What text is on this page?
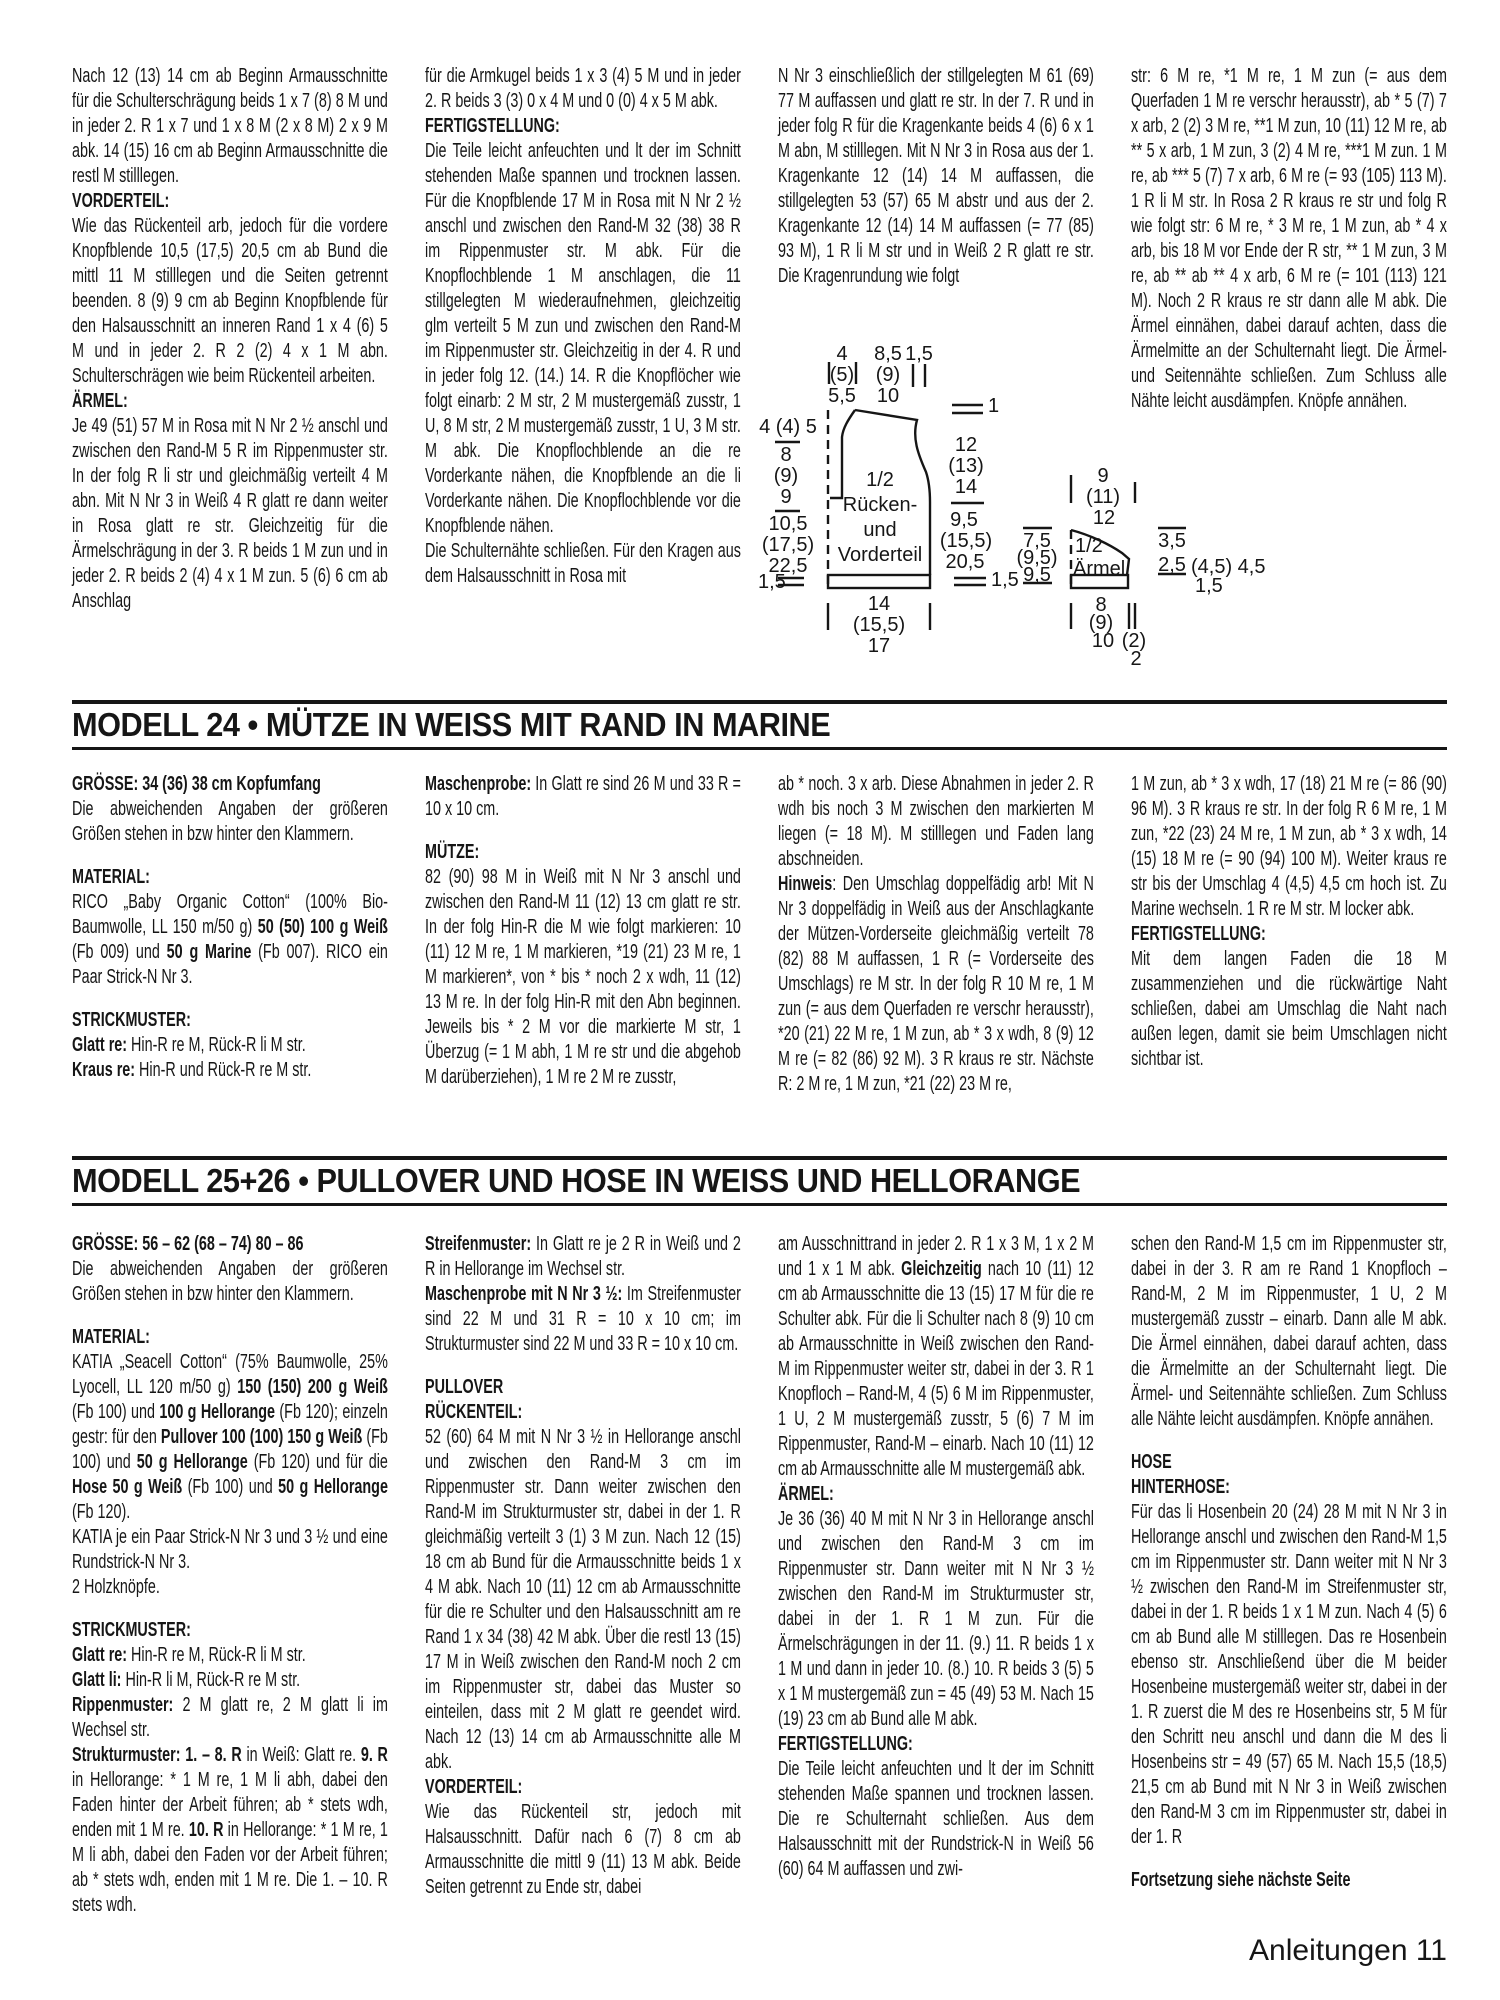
Nach 12 (13) 14 cm ab Beginn Armausschnitte für die Schulterschrägung beids 1 x 7 (8) 8 M und in jeder 2. R 1 x 7 und 1 x 8 M (2 x 8 M) 2 x 9 M abk. 14 (15) 16 cm ab Beginn Armausschnitte die restl M stilllegen.
VORDERTEIL:
Wie das Rückenteil arb, jedoch für die vordere Knopfblende 10,5 (17,5) 20,5 cm ab Bund die mittl 11 M stilllegen und die Seiten getrennt beenden. 8 (9) 9 cm ab Beginn Knopfblende für den Halsausschnitt an inneren Rand 1 x 4 (6) 5 M und in jeder 2. R 2 (2) 4 x 1 M abn. Schulterschrägen wie beim Rückenteil arbeiten.
ÄRMEL:
Je 49 (51) 57 M in Rosa mit N Nr 2 ½ anschl und zwischen den Rand-M 5 R im Rippenmuster str. In der folg R li str und gleichmäßig verteilt 4 M abn. Mit N Nr 3 in Weiß 4 R glatt re dann weiter in Rosa glatt re str. Gleichzeitig für die Ärmelschrägung in der 3. R beids 1 M zun und in jeder 2. R beids 2 (4) 4 x 1 M zun. 5 (6) 6 cm ab Anschlag
für die Armkugel beids 1 x 3 (4) 5 M und in jeder 2. R beids 3 (3) 0 x 4 M und 0 (0) 4 x 5 M abk.
FERTIGSTELLUNG:
Die Teile leicht anfeuchten und lt der im Schnitt stehenden Maße spannen und trocknen lassen. Für die Knopfblende 17 M in Rosa mit N Nr 2 ½ anschl und zwischen den Rand-M 32 (38) 38 R im Rippenmuster str. M abk. Für die Knopflochblende 1 M anschlagen, die 11 stillgelegten M wiederaufnehmen, gleichzeitig glm verteilt 5 M zun und zwischen den Rand-M im Rippenmuster str. Gleichzeitig in der 4. R und in jeder folg 12. (14.) 14. R die Knopflöcher wie folgt einarb: 2 M str, 2 M mustergemäß zusstr, 1 U, 8 M str, 2 M mustergemäß zusstr, 1 U, 3 M str. M abk. Die Knopflochblende an die re Vorderkante nähen, die Knopfblende an die li Vorderkante nähen. Die Knopflochblende vor die Knopfblende nähen.
Die Schulternähte schließen. Für den Kragen aus dem Halsausschnitt in Rosa mit
N Nr 3 einschließlich der stillgelegten M 61 (69) 77 M auffassen und glatt re str. In der 7. R und in jeder folg R für die Kragenkante beids 4 (6) 6 x 1 M abn, M stilllegen. Mit N Nr 3 in Rosa aus der 1. Kragenkante 12 (14) 14 M auffassen, die stillgelegten 53 (57) 65 M abstr und aus der 2. Kragenkante 12 (14) 14 M auffassen (= 77 (85) 93 M), 1 R li M str und in Weiß 2 R glatt re str. Die Kragenrundung wie folgt
str: 6 M re, *1 M re, 1 M zun (= aus dem Querfaden 1 M re verschr herausstr), ab * 5 (7) 7 x arb, 2 (2) 3 M re, **1 M zun, 10 (11) 12 M re, ab ** 5 x arb, 1 M zun, 3 (2) 4 M re, ***1 M zun. 1 M re, ab *** 5 (7) 7 x arb, 6 M re (= 93 (105) 113 M). 1 R li M str. In Rosa 2 R kraus re str und folg R wie folgt str: 6 M re, * 3 M re, 1 M zun, ab * 4 x arb, bis 18 M vor Ende der R str, ** 1 M zun, 3 M re, ab ** ab ** 4 x arb, 6 M re (= 101 (113) 121 M). Noch 2 R kraus re str dann alle M abk. Die Ärmel einnähen, dabei darauf achten, dass die Ärmelmitte an der Schulternaht liegt. Die Ärmel- und Seitennähte schließen. Zum Schluss alle Nähte leicht ausdämpfen. Knöpfe annähen.
4
(5)
5,5
8,5
(9)
10
1,5
1
12
(13)
14
9,5
(15,5)
20,5
1,5
4 (4) 5
8
(9)
9
10,5
(17,5)
22,5
1,5
14
(15,5)
17
1/2
Rücken-
und
Vorderteil
9
(11)
12
7,5
(9,5)
9,5
1/2
Ärmel
3,5
2,5 (4,5) 4,5
1,5
8
(9)
10 (2)
2
MODELL 24 • MÜTZE IN WEISS MIT RAND IN MARINE
GRÖSSE: 34 (36) 38 cm Kopfumfang
Die abweichenden Angaben der größeren Größen stehen in bzw hinter den Klammern.
MATERIAL:
RICO „Baby Organic Cotton“ (100% Bio-Baumwolle, LL 150 m/50 g) 50 (50) 100 g Weiß (Fb 009) und 50 g Marine (Fb 007). RICO ein Paar Strick-N Nr 3.
STRICKMUSTER:
Glatt re: Hin-R re M, Rück-R li M str.
Kraus re: Hin-R und Rück-R re M str.
Maschenprobe: In Glatt re sind 26 M und 33 R = 10 x 10 cm.
MÜTZE:
82 (90) 98 M in Weiß mit N Nr 3 anschl und zwischen den Rand-M 11 (12) 13 cm glatt re str. In der folg Hin-R die M wie folgt markieren: 10 (11) 12 M re, 1 M markieren, *19 (21) 23 M re, 1 M markieren*, von * bis * noch 2 x wdh, 11 (12) 13 M re. In der folg Hin-R mit den Abn beginnen. Jeweils bis * 2 M vor die markierte M str, 1 Überzug (= 1 M abh, 1 M re str und die abgehob M darüberziehen), 1 M re 2 M re zusstr,
ab * noch. 3 x arb. Diese Abnahmen in jeder 2. R wdh bis noch 3 M zwischen den markierten M liegen (= 18 M). M stilllegen und Faden lang abschneiden.
Hinweis: Den Umschlag doppelfädig arb! Mit N Nr 3 doppelfädig in Weiß aus der Anschlagkante der Mützen-Vorderseite gleichmäßig verteilt 78 (82) 88 M auffassen, 1 R (= Vorderseite des Umschlags) re M str. In der folg R 10 M re, 1 M zun (= aus dem Querfaden re verschr herausstr), *20 (21) 22 M re, 1 M zun, ab * 3 x wdh, 8 (9) 12 M re (= 82 (86) 92 M). 3 R kraus re str. Nächste R: 2 M re, 1 M zun, *21 (22) 23 M re,
1 M zun, ab * 3 x wdh, 17 (18) 21 M re (= 86 (90) 96 M). 3 R kraus re str. In der folg R 6 M re, 1 M zun, *22 (23) 24 M re, 1 M zun, ab * 3 x wdh, 14 (15) 18 M re (= 90 (94) 100 M). Weiter kraus re str bis der Umschlag 4 (4,5) 4,5 cm hoch ist. Zu Marine wechseln. 1 R re M str. M locker abk.
FERTIGSTELLUNG:
Mit dem langen Faden die 18 M zusammenziehen und die rückwärtige Naht schließen, dabei am Umschlag die Naht nach außen legen, damit sie beim Umschlagen nicht sichtbar ist.
MODELL 25+26 • PULLOVER UND HOSE IN WEISS UND HELLORANGE
GRÖSSE: 56 – 62 (68 – 74) 80 – 86
Die abweichenden Angaben der größeren Größen stehen in bzw hinter den Klammern.
MATERIAL:
KATIA „Seacell Cotton“ (75% Baumwolle, 25% Lyocell, LL 120 m/50 g) 150 (150) 200 g Weiß (Fb 100) und 100 g Hellorange (Fb 120); einzeln gestr: für den Pullover 100 (100) 150 g Weiß (Fb 100) und 50 g Hellorange (Fb 120) und für die Hose 50 g Weiß (Fb 100) und 50 g Hellorange (Fb 120).
KATIA je ein Paar Strick-N Nr 3 und 3 ½ und eine Rundstrick-N Nr 3.
2 Holzknöpfe.
STRICKMUSTER:
Glatt re: Hin-R re M, Rück-R li M str.
Glatt li: Hin-R li M, Rück-R re M str.
Rippenmuster: 2 M glatt re, 2 M glatt li im Wechsel str.
Strukturmuster: 1. – 8. R in Weiß: Glatt re. 9. R in Hellorange: * 1 M re, 1 M li abh, dabei den Faden hinter der Arbeit führen; ab * stets wdh, enden mit 1 M re. 10. R in Hellorange: * 1 M re, 1 M li abh, dabei den Faden vor der Arbeit führen; ab * stets wdh, enden mit 1 M re. Die 1. – 10. R stets wdh.
Streifenmuster: In Glatt re je 2 R in Weiß und 2 R in Hellorange im Wechsel str.
Maschenprobe mit N Nr 3 ½: Im Streifenmuster sind 22 M und 31 R = 10 x 10 cm; im Strukturmuster sind 22 M und 33 R = 10 x 10 cm.
PULLOVER
RÜCKENTEIL:
52 (60) 64 M mit N Nr 3 ½ in Hellorange anschl und zwischen den Rand-M 3 cm im Rippenmuster str. Dann weiter zwischen den Rand-M im Strukturmuster str, dabei in der 1. R gleichmäßig verteilt 3 (1) 3 M zun. Nach 12 (15) 18 cm ab Bund für die Armausschnitte beids 1 x 4 M abk. Nach 10 (11) 12 cm ab Armausschnitte für die re Schulter und den Halsausschnitt am re Rand 1 x 34 (38) 42 M abk. Über die restl 13 (15) 17 M in Weiß zwischen den Rand-M noch 2 cm im Rippenmuster str, dabei das Muster so einteilen, dass mit 2 M glatt re geendet wird. Nach 12 (13) 14 cm ab Armausschnitte alle M abk.
VORDERTEIL:
Wie das Rückenteil str, jedoch mit Halsausschnitt. Dafür nach 6 (7) 8 cm ab Armausschnitte die mittl 9 (11) 13 M abk. Beide Seiten getrennt zu Ende str, dabei
am Ausschnittrand in jeder 2. R 1 x 3 M, 1 x 2 M und 1 x 1 M abk. Gleichzeitig nach 10 (11) 12 cm ab Armausschnitte die 13 (15) 17 M für die re Schulter abk. Für die li Schulter nach 8 (9) 10 cm ab Armausschnitte in Weiß zwischen den Rand-M im Rippenmuster weiter str, dabei in der 3. R 1 Knopfloch – Rand-M, 4 (5) 6 M im Rippenmuster, 1 U, 2 M mustergemäß zusstr, 5 (6) 7 M im Rippenmuster, Rand-M – einarb. Nach 10 (11) 12 cm ab Armausschnitte alle M mustergemäß abk.
ÄRMEL:
Je 36 (36) 40 M mit N Nr 3 in Hellorange anschl und zwischen den Rand-M 3 cm im Rippenmuster str. Dann weiter mit N Nr 3 ½ zwischen den Rand-M im Strukturmuster str, dabei in der 1. R 1 M zun. Für die Ärmelschrägungen in der 11. (9.) 11. R beids 1 x 1 M und dann in jeder 10. (8.) 10. R beids 3 (5) 5 x 1 M mustergemäß zun = 45 (49) 53 M. Nach 15 (19) 23 cm ab Bund alle M abk.
FERTIGSTELLUNG:
Die Teile leicht anfeuchten und lt der im Schnitt stehenden Maße spannen und trocknen lassen. Die re Schulternaht schließen. Aus dem Halsausschnitt mit der Rundstrick-N in Weiß 56 (60) 64 M auffassen und zwi-
schen den Rand-M 1,5 cm im Rippenmuster str, dabei in der 3. R am re Rand 1 Knopfloch – Rand-M, 2 M im Rippenmuster, 1 U, 2 M mustergemäß zusstr – einarb. Dann alle M abk. Die Ärmel einnähen, dabei darauf achten, dass die Ärmelmitte an der Schulternaht liegt. Die Ärmel- und Seitennähte schließen. Zum Schluss alle Nähte leicht ausdämpfen. Knöpfe annähen.
HOSE
HINTERHOSE:
Für das li Hosenbein 20 (24) 28 M mit N Nr 3 in Hellorange anschl und zwischen den Rand-M 1,5 cm im Rippenmuster str. Dann weiter mit N Nr 3 ½ zwischen den Rand-M im Streifenmuster str, dabei in der 1. R beids 1 x 1 M zun. Nach 4 (5) 6 cm ab Bund alle M stilllegen. Das re Hosenbein ebenso str. Anschließend über die M beider Hosenbeine mustergemäß weiter str, dabei in der 1. R zuerst die M des re Hosenbeins str, 5 M für den Schritt neu anschl und dann die M des li Hosenbeins str = 49 (57) 65 M. Nach 15,5 (18,5) 21,5 cm ab Bund mit N Nr 3 in Weiß zwischen den Rand-M 3 cm im Rippenmuster str, dabei in der 1. R
Fortsetzung siehe nächste Seite
Anleitungen 11
